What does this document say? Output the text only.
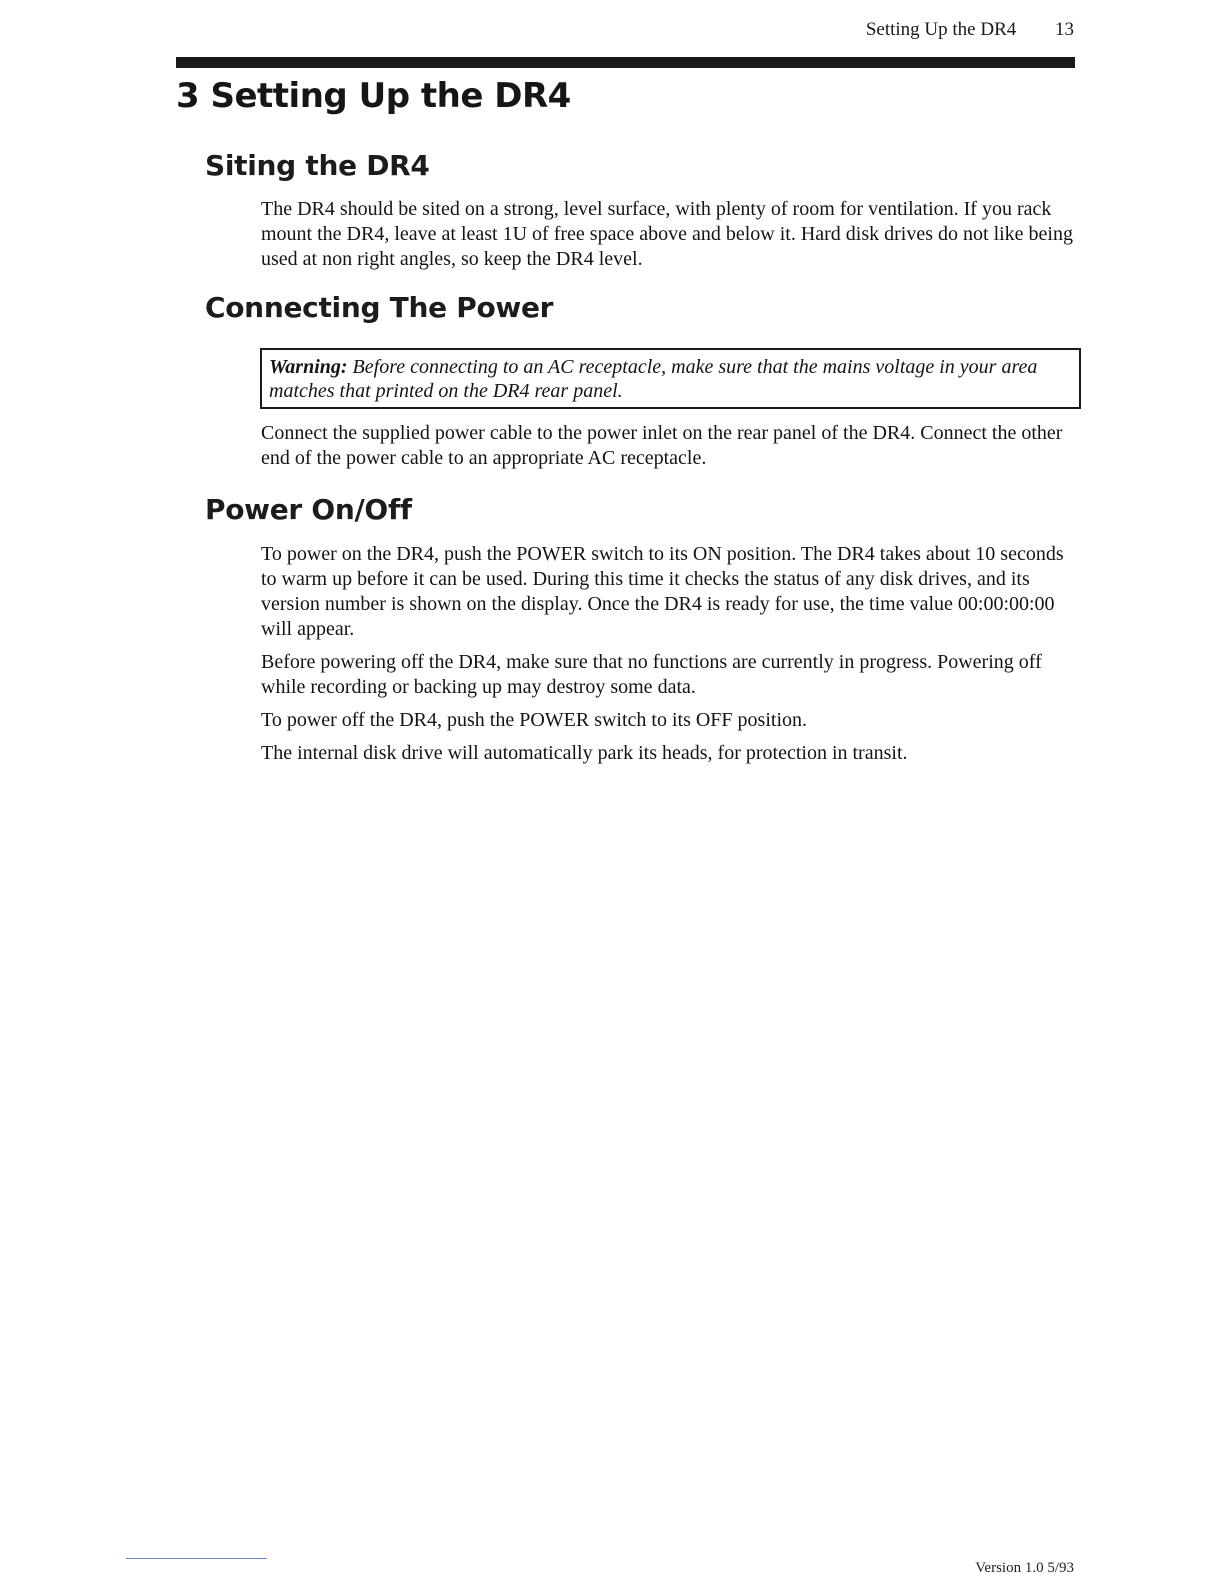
Setting Up the DR4 13
3 Setting Up the DR4
Siting the DR4

The DR4 should be sited on a strong, level surface, with plenty of room for ventilation. If you rack mount the DR4, leave at least 1U of free space above and below it. Hard disk drives do not like being used at non right angles, so keep the DR4 level.

Connecting The Power
Warning: Before connecting to an AC receptacle, make sure that the mains voltage in your area matches that printed on the DR4 rear panel.

Connect the supplied power cable to the power inlet on the rear panel of the DR4. Connect the other end of the power cable to an appropriate AC receptacle.

Power On/Off

To power on the DR4, push the POWER switch to its ON position. The DR4 takes about 10 seconds to warm up before it can be used. During this time it checks the status of any disk drives, and its version number is shown on the display. Once the DR4 is ready for use, the time value 00:00:00:00 will appear.

Before powering off the DR4, make sure that no functions are currently in progress. Powering off while recording or backing up may destroy some data.

To power off the DR4, push the POWER switch to its OFF position.

The internal disk drive will automatically park its heads, for protection in transit.

Version 1.0 5/93
